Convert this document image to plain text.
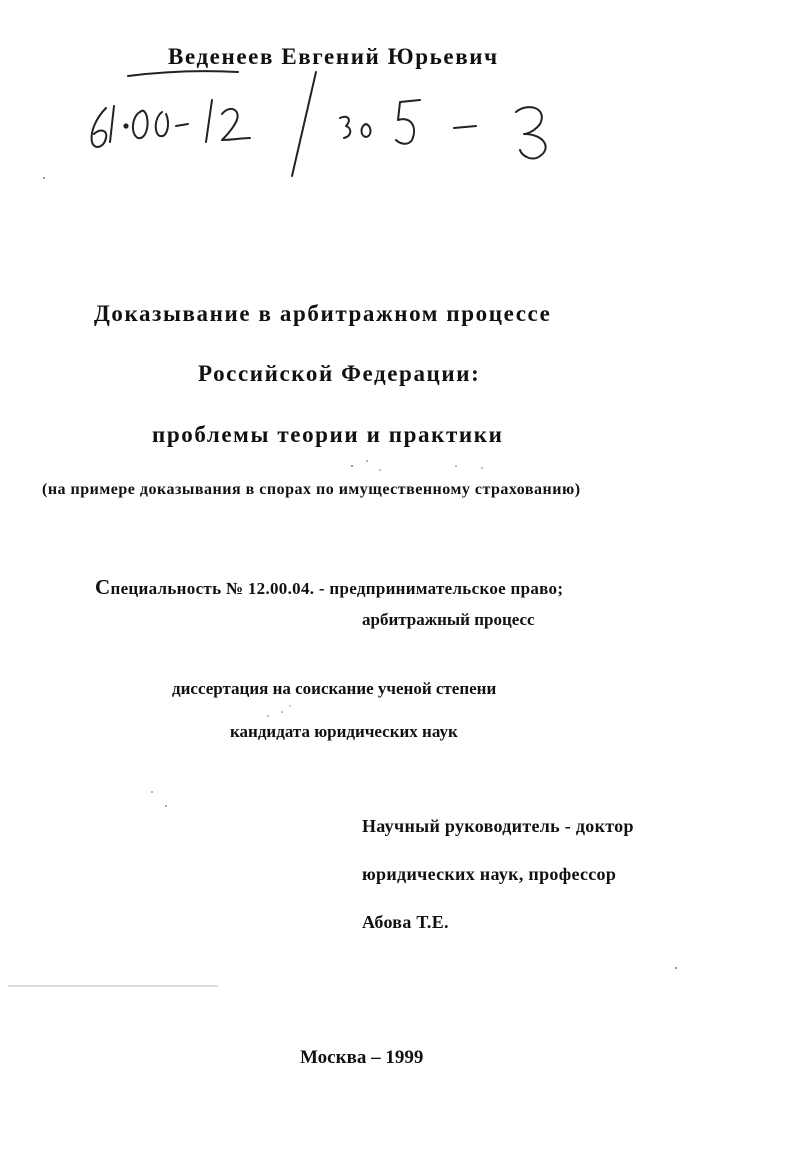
Веденеев Евгений Юрьевич
Доказывание в арбитражном процессе
Российской Федерации:
проблемы теории и практики
(на примере доказывания в спорах по имущественному страхованию)
Специальность № 12.00.04. - предпринимательское право;
арбитражный процесс
диссертация на соискание ученой степени
кандидата юридических наук
Научный руководитель - доктор
юридических наук, профессор
Абова Т.Е.
Москва – 1999
